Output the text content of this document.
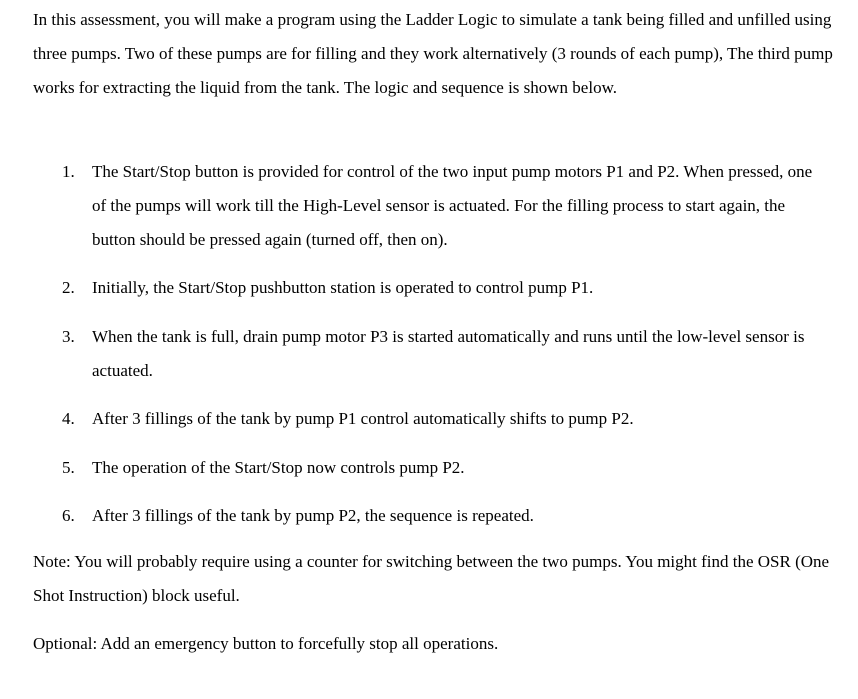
In this assessment, you will make a program using the Ladder Logic to simulate a tank being filled and unfilled using three pumps. Two of these pumps are for filling and they work alternatively (3 rounds of each pump), The third pump works for extracting the liquid from the tank. The logic and sequence is shown below.

1.	The Start/Stop button is provided for control of the two input pump motors P1 and P2. When pressed, one of the pumps will work till the High-Level sensor is actuated. For the filling process to start again, the button should be pressed again (turned off, then on).
2.	Initially, the Start/Stop pushbutton station is operated to control pump P1.
3.	When the tank is full, drain pump motor P3 is started automatically and runs until the low-level sensor is actuated.
4.	After 3 fillings of the tank by pump P1 control automatically shifts to pump P2.
5.	The operation of the Start/Stop now controls pump P2.
6.	After 3 fillings of the tank by pump P2, the sequence is repeated.

Note: You will probably require using a counter for switching between the two pumps. You might find the OSR (One Shot Instruction) block useful.

Optional: Add an emergency button to forcefully stop all operations.
